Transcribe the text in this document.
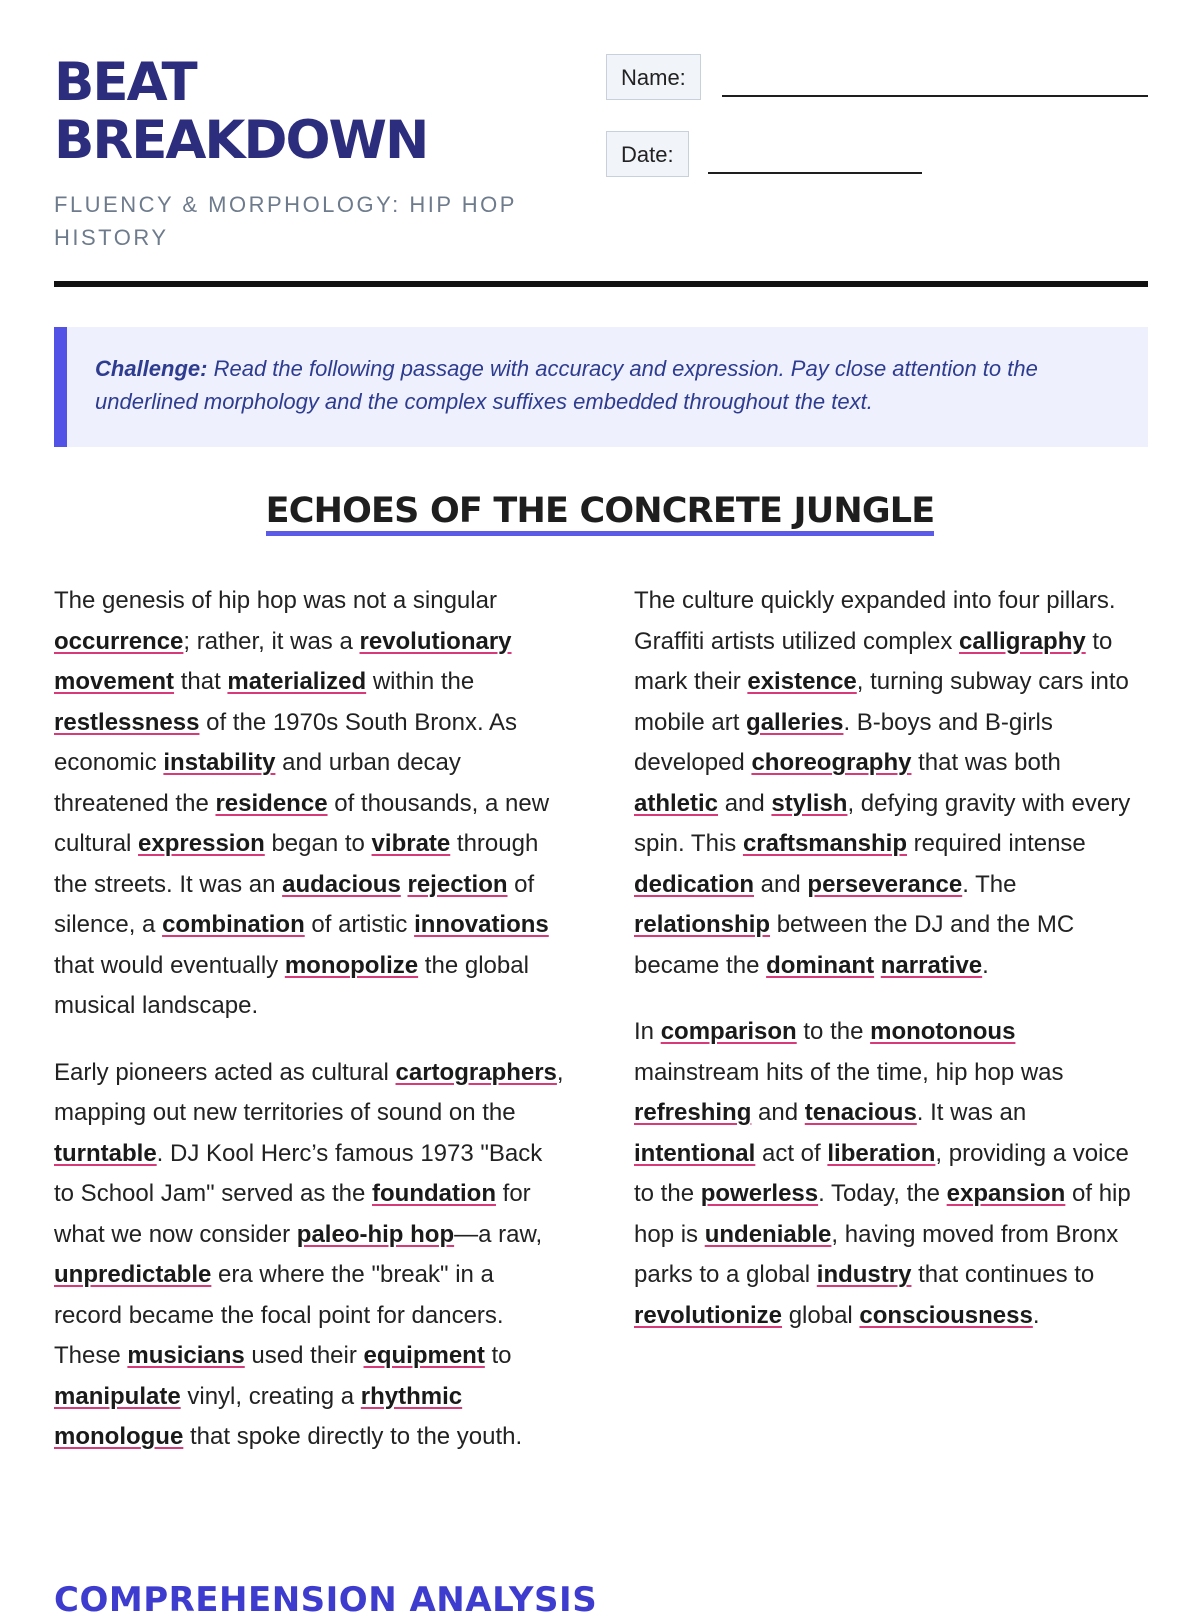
BEAT
BREAKDOWN

FLUENCY & MORPHOLOGY: HIP HOP HISTORY

Name:
Date:
Challenge: Read the following passage with accuracy and expression. Pay close attention to the underlined morphology and the complex suffixes embedded throughout the text.
ECHOES OF THE CONCRETE JUNGLE

The genesis of hip hop was not a singular occurrence; rather, it was a revolutionary movement that materialized within the restlessness of the 1970s South Bronx. As economic instability and urban decay threatened the residence of thousands, a new cultural expression began to vibrate through the streets. It was an audacious rejection of silence, a combination of artistic innovations that would eventually monopolize the global musical landscape.

Early pioneers acted as cultural cartographers, mapping out new territories of sound on the turntable. DJ Kool Herc’s famous 1973 "Back to School Jam" served as the foundation for what we now consider paleo-hip hop—a raw, unpredictable era where the "break" in a record became the focal point for dancers. These musicians used their equipment to manipulate vinyl, creating a rhythmic monologue that spoke directly to the youth.

The culture quickly expanded into four pillars. Graffiti artists utilized complex calligraphy to mark their existence, turning subway cars into mobile art galleries. B-boys and B-girls developed choreography that was both athletic and stylish, defying gravity with every spin. This craftsmanship required intense dedication and perseverance. The relationship between the DJ and the MC became the dominant narrative.

In comparison to the monotonous mainstream hits of the time, hip hop was refreshing and tenacious. It was an intentional act of liberation, providing a voice to the powerless. Today, the expansion of hip hop is undeniable, having moved from Bronx parks to a global industry that continues to revolutionize global consciousness.

COMPREHENSION ANALYSIS
